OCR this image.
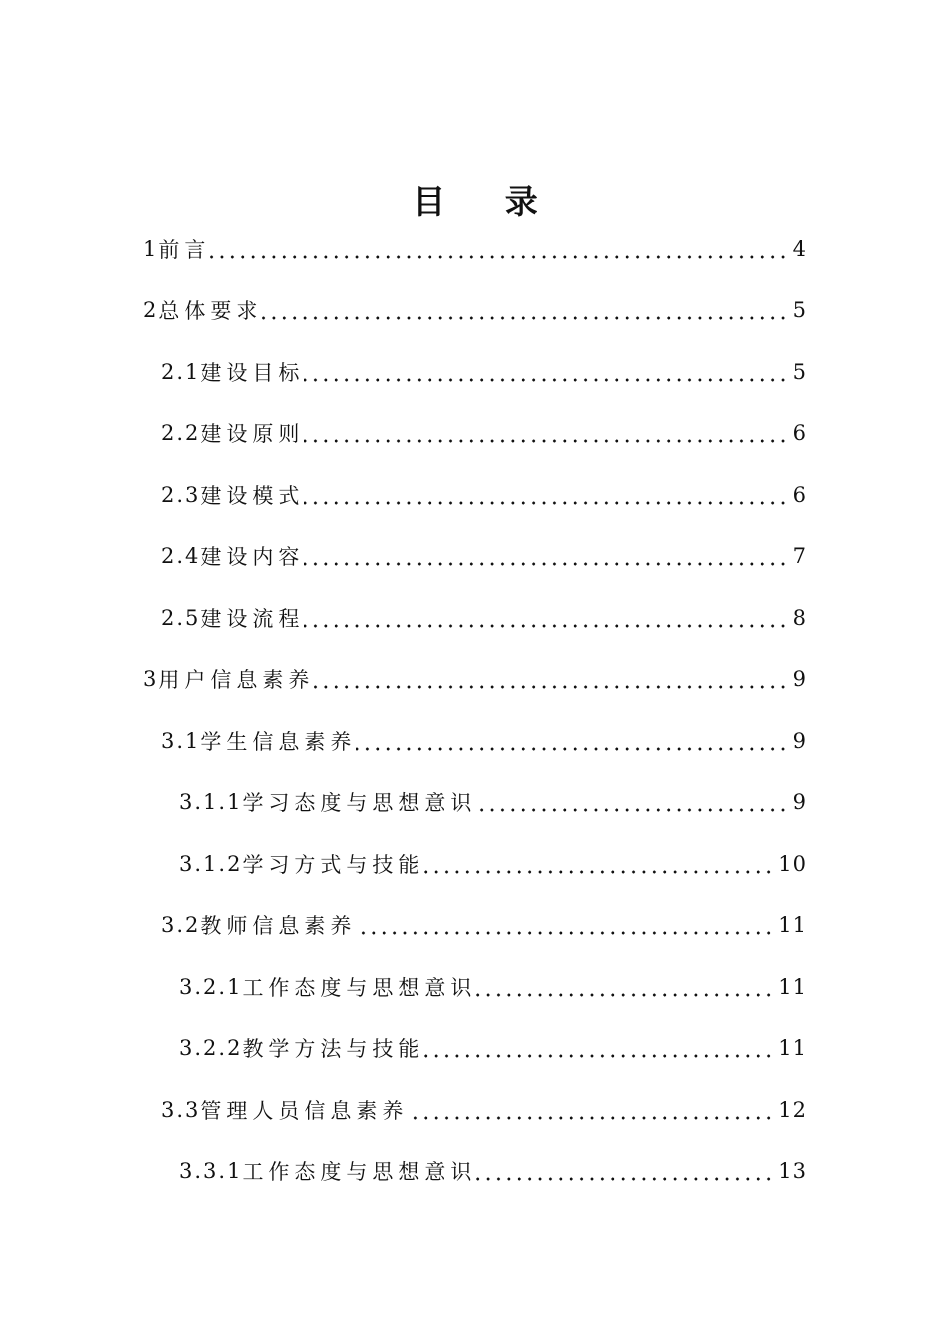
目 录
1 前言	4
2 总体要求	5
2.1 建设目标	5
2.2 建设原则	6
2.3 建设模式	6
2.4 建设内容	7
2.5 建设流程	8
3 用户信息素养	9
3.1 学生信息素养	9
3.1.1 学习态度与思想意识	9
3.1.2 学习方式与技能	10
3.2 教师信息素养	11
3.2.1 工作态度与思想意识	11
3.2.2 教学方法与技能	11
3.3 管理人员信息素养	12
3.3.1 工作态度与思想意识	13
